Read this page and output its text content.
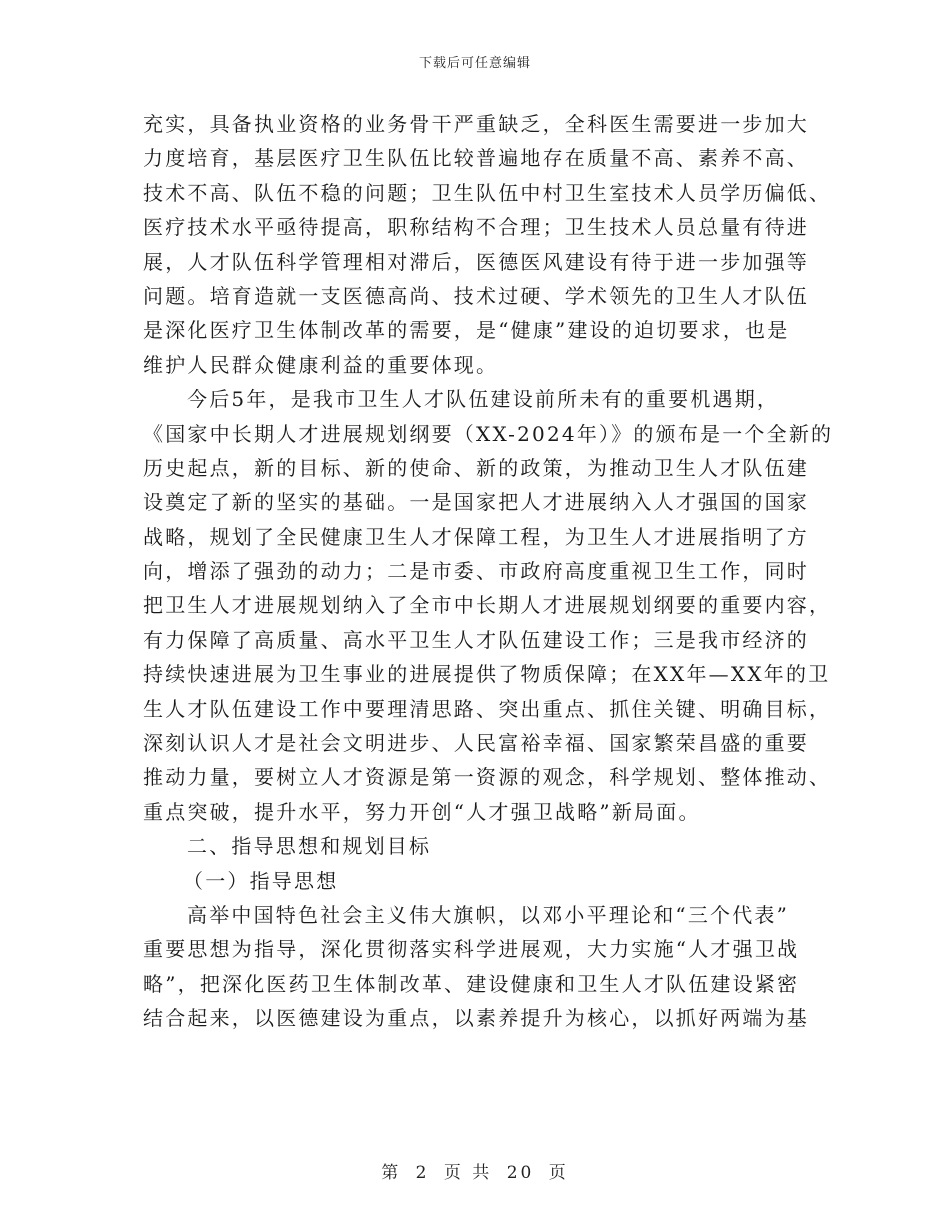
下载后可任意编辑
充实，具备执业资格的业务骨干严重缺乏，全科医生需要进一步加大
力度培育，基层医疗卫生队伍比较普遍地存在质量不高、素养不高、
技术不高、队伍不稳的问题；卫生队伍中村卫生室技术人员学历偏低、
医疗技术水平亟待提高，职称结构不合理；卫生技术人员总量有待进
展，人才队伍科学管理相对滞后，医德医风建设有待于进一步加强等
问题。培育造就一支医德高尚、技术过硬、学术领先的卫生人才队伍
是深化医疗卫生体制改革的需要，是“健康”建设的迫切要求，也是
维护人民群众健康利益的重要体现。
今后5年，是我市卫生人才队伍建设前所未有的重要机遇期，
《国家中长期人才进展规划纲要（XX-2024年）》的颁布是一个全新的
历史起点，新的目标、新的使命、新的政策，为推动卫生人才队伍建
设奠定了新的坚实的基础。一是国家把人才进展纳入人才强国的国家
战略，规划了全民健康卫生人才保障工程，为卫生人才进展指明了方
向，增添了强劲的动力；二是市委、市政府高度重视卫生工作，同时
把卫生人才进展规划纳入了全市中长期人才进展规划纲要的重要内容，
有力保障了高质量、高水平卫生人才队伍建设工作；三是我市经济的
持续快速进展为卫生事业的进展提供了物质保障；在XX年—XX年的卫
生人才队伍建设工作中要理清思路、突出重点、抓住关键、明确目标，
深刻认识人才是社会文明进步、人民富裕幸福、国家繁荣昌盛的重要
推动力量，要树立人才资源是第一资源的观念，科学规划、整体推动、
重点突破，提升水平，努力开创“人才强卫战略”新局面。
二、指导思想和规划目标
（一）指导思想
高举中国特色社会主义伟大旗帜，以邓小平理论和“三个代表”
重要思想为指导，深化贯彻落实科学进展观，大力实施“人才强卫战
略”，把深化医药卫生体制改革、建设健康和卫生人才队伍建设紧密
结合起来，以医德建设为重点，以素养提升为核心，以抓好两端为基
第 2 页 共 20 页
